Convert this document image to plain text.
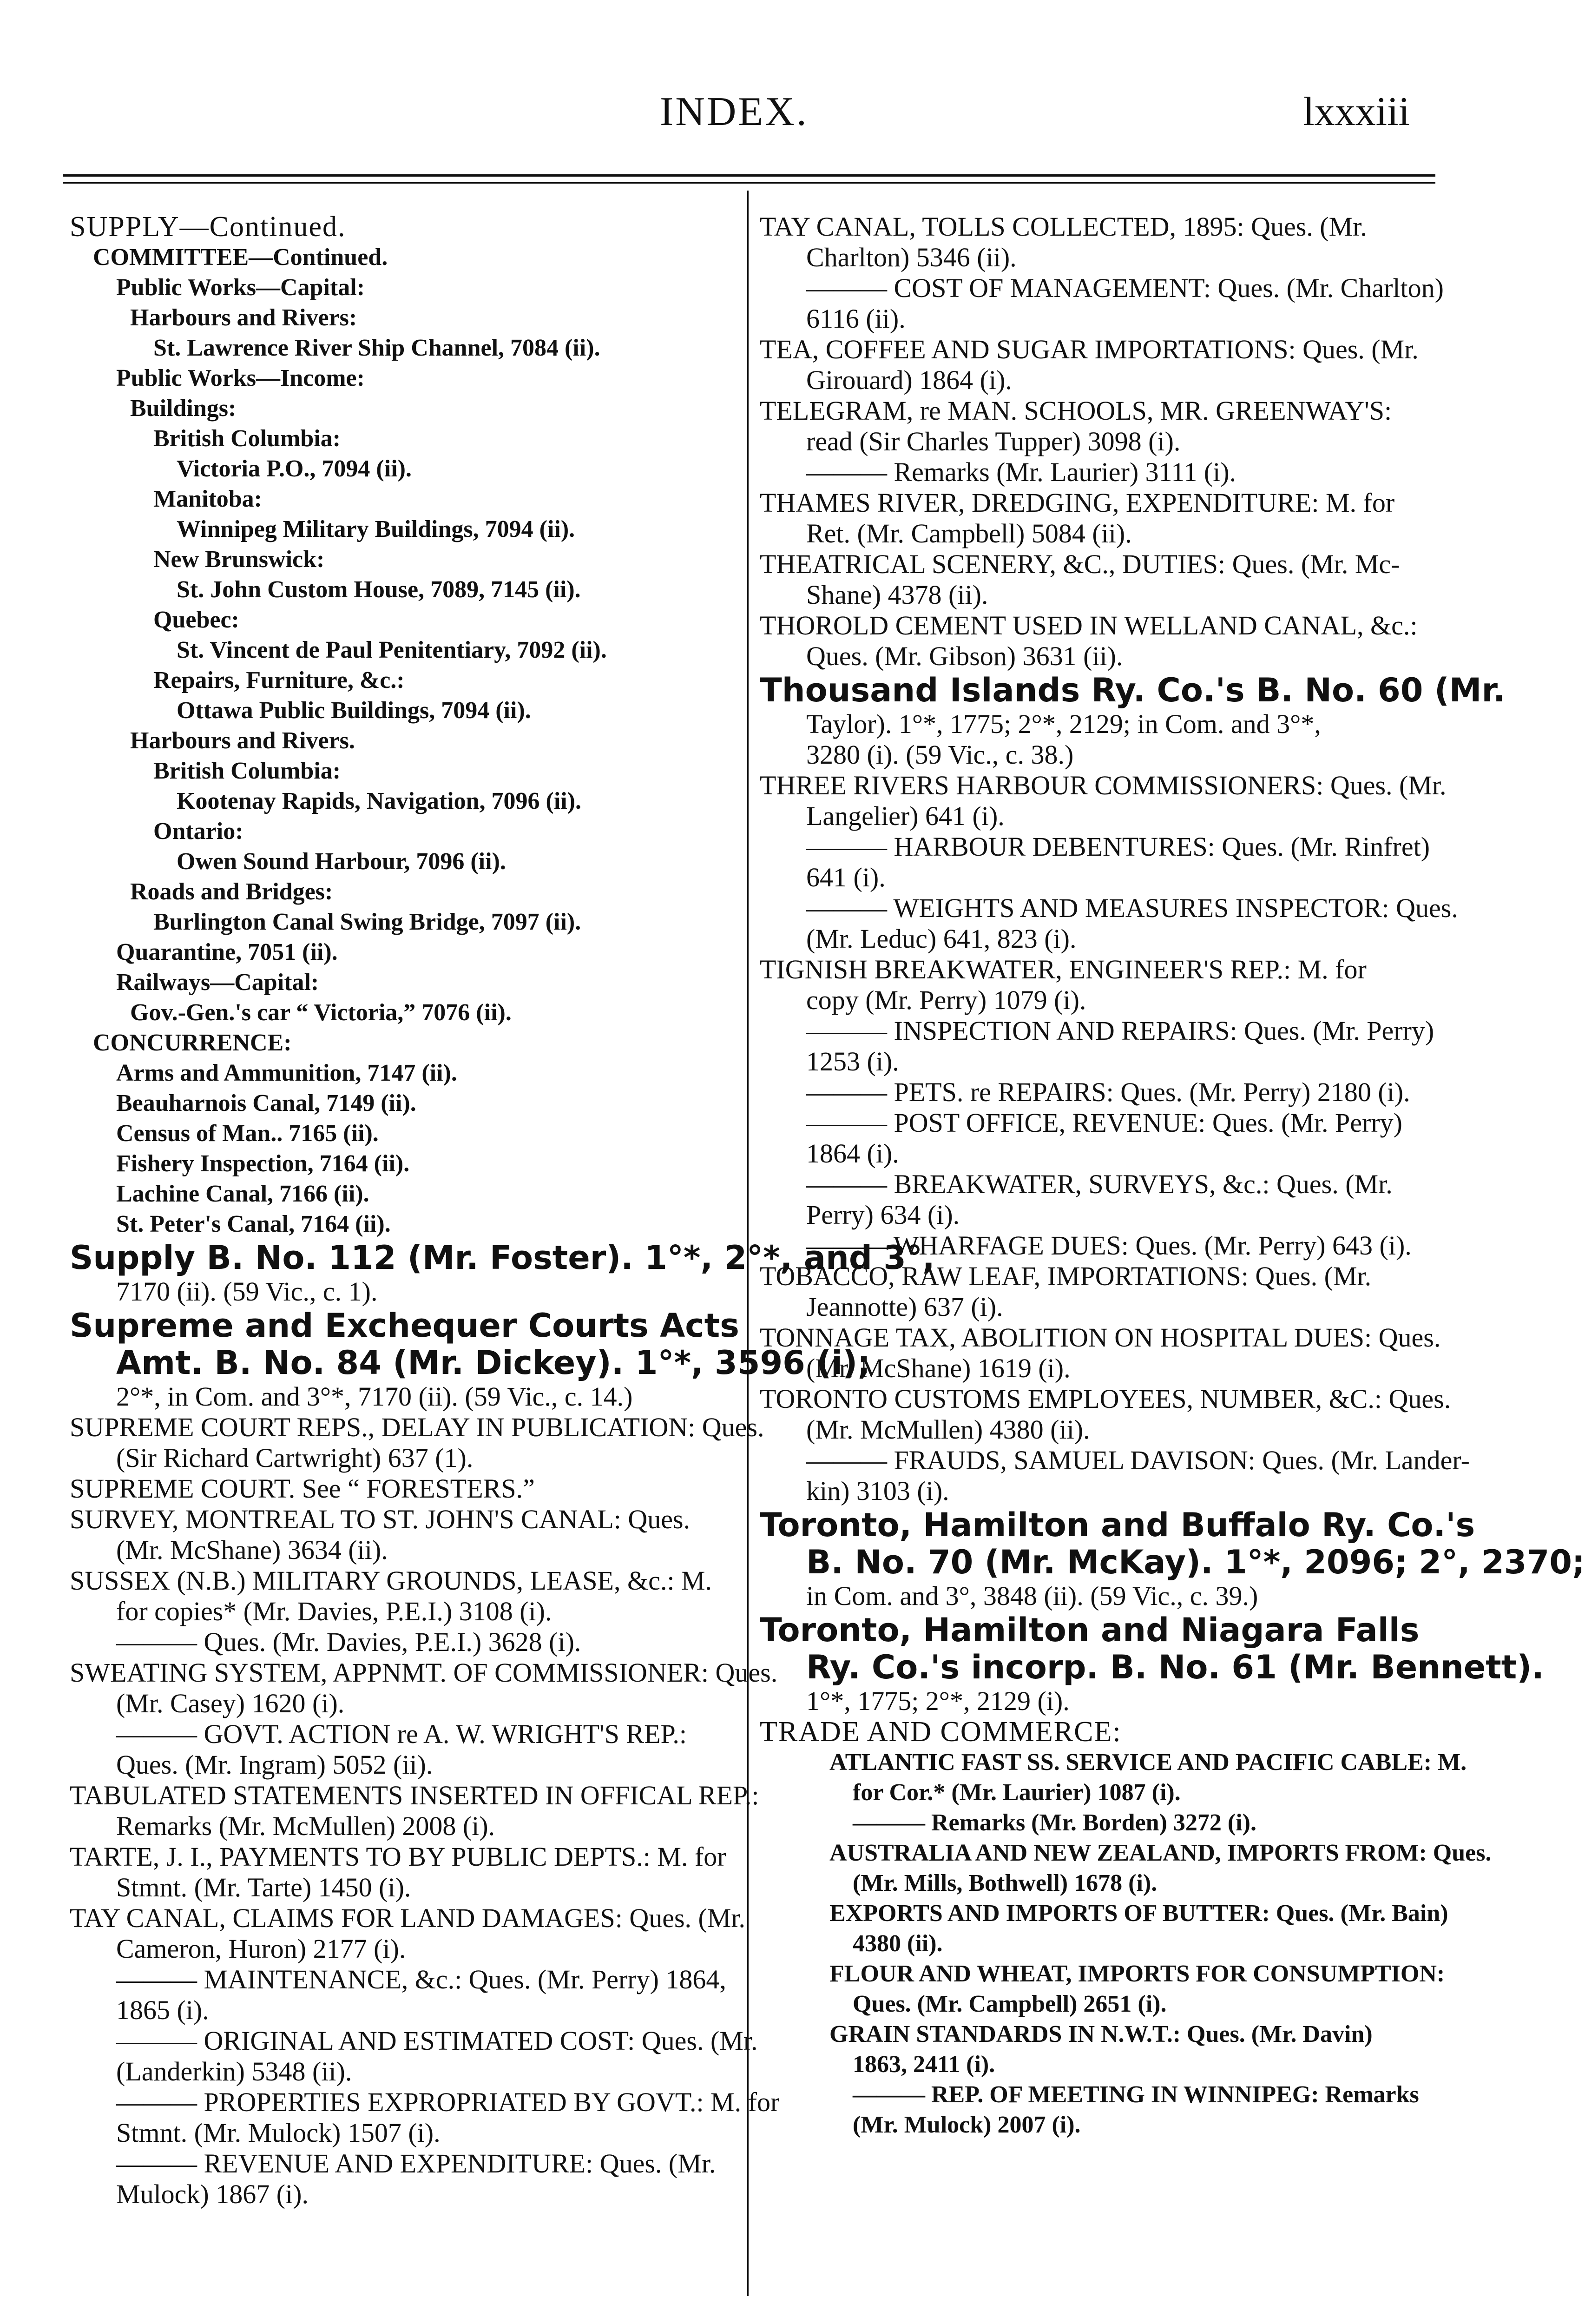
INDEX.	lxxxiii
SUPPLY—Continued.
COMMITTEE—Continued.
Public Works—Capital:
Harbours and Rivers:
St. Lawrence River Ship Channel, 7084 (ii).
Public Works—Income:
Buildings:
British Columbia:
Victoria P.O., 7094 (ii).
Manitoba:
Winnipeg Military Buildings, 7094 (ii).
New Brunswick:
St. John Custom House, 7089, 7145 (ii).
Quebec:
St. Vincent de Paul Penitentiary, 7092 (ii).
Repairs, Furniture, &c.:
Ottawa Public Buildings, 7094 (ii).
Harbours and Rivers.
British Columbia:
Kootenay Rapids, Navigation, 7096 (ii).
Ontario:
Owen Sound Harbour, 7096 (ii).
Roads and Bridges:
Burlington Canal Swing Bridge, 7097 (ii).
Quarantine, 7051 (ii).
Railways—Capital:
Gov.-Gen.'s car “ Victoria,” 7076 (ii).
CONCURRENCE:
Arms and Ammunition, 7147 (ii).
Beauharnois Canal, 7149 (ii).
Census of Man.. 7165 (ii).
Fishery Inspection, 7164 (ii).
Lachine Canal, 7166 (ii).
St. Peter's Canal, 7164 (ii).
Supply B. No. 112 (Mr. Foster). 1°*, 2°*, and 3°,
7170 (ii). (59 Vic., c. 1).
Supreme and Exchequer Courts Acts
Amt. B. No. 84 (Mr. Dickey). 1°*, 3596 (i);
2°*, in Com. and 3°*, 7170 (ii). (59 Vic., c. 14.)
SUPREME COURT REPS., DELAY IN PUBLICATION: Ques.
(Sir Richard Cartwright) 637 (1).
SUPREME COURT. See “ FORESTERS.”
SURVEY, MONTREAL TO ST. JOHN'S CANAL: Ques.
(Mr. McShane) 3634 (ii).
SUSSEX (N.B.) MILITARY GROUNDS, LEASE, &c.: M.
for copies* (Mr. Davies, P.E.I.) 3108 (i).
——— Ques. (Mr. Davies, P.E.I.) 3628 (i).
SWEATING SYSTEM, APPNMT. OF COMMISSIONER: Ques.
(Mr. Casey) 1620 (i).
——— GOVT. ACTION re A. W. WRIGHT'S REP.:
Ques. (Mr. Ingram) 5052 (ii).
TABULATED STATEMENTS INSERTED IN OFFICAL REP.:
Remarks (Mr. McMullen) 2008 (i).
TARTE, J. I., PAYMENTS TO BY PUBLIC DEPTS.: M. for
Stmnt. (Mr. Tarte) 1450 (i).
TAY CANAL, CLAIMS FOR LAND DAMAGES: Ques. (Mr.
Cameron, Huron) 2177 (i).
——— MAINTENANCE, &c.: Ques. (Mr. Perry) 1864,
1865 (i).
——— ORIGINAL AND ESTIMATED COST: Ques. (Mr.
(Landerkin) 5348 (ii).
——— PROPERTIES EXPROPRIATED BY GOVT.: M. for
Stmnt. (Mr. Mulock) 1507 (i).
——— REVENUE AND EXPENDITURE: Ques. (Mr.
Mulock) 1867 (i).
TAY CANAL, TOLLS COLLECTED, 1895: Ques. (Mr.
Charlton) 5346 (ii).
——— COST OF MANAGEMENT: Ques. (Mr. Charlton)
6116 (ii).
TEA, COFFEE AND SUGAR IMPORTATIONS: Ques. (Mr.
Girouard) 1864 (i).
TELEGRAM, re MAN. SCHOOLS, MR. GREENWAY'S:
read (Sir Charles Tupper) 3098 (i).
——— Remarks (Mr. Laurier) 3111 (i).
THAMES RIVER, DREDGING, EXPENDITURE: M. for
Ret. (Mr. Campbell) 5084 (ii).
THEATRICAL SCENERY, &C., DUTIES: Ques. (Mr. Mc-
Shane) 4378 (ii).
THOROLD CEMENT USED IN WELLAND CANAL, &c.:
Ques. (Mr. Gibson) 3631 (ii).
Thousand Islands Ry. Co.'s B. No. 60 (Mr.
Taylor). 1°*, 1775; 2°*, 2129; in Com. and 3°*,
3280 (i). (59 Vic., c. 38.)
THREE RIVERS HARBOUR COMMISSIONERS: Ques. (Mr.
Langelier) 641 (i).
——— HARBOUR DEBENTURES: Ques. (Mr. Rinfret)
641 (i).
——— WEIGHTS AND MEASURES INSPECTOR: Ques.
(Mr. Leduc) 641, 823 (i).
TIGNISH BREAKWATER, ENGINEER'S REP.: M. for
copy (Mr. Perry) 1079 (i).
——— INSPECTION AND REPAIRS: Ques. (Mr. Perry)
1253 (i).
——— PETS. re REPAIRS: Ques. (Mr. Perry) 2180 (i).
——— POST OFFICE, REVENUE: Ques. (Mr. Perry)
1864 (i).
——— BREAKWATER, SURVEYS, &c.: Ques. (Mr.
Perry) 634 (i).
——— WHARFAGE DUES: Ques. (Mr. Perry) 643 (i).
TOBACCO, RAW LEAF, IMPORTATIONS: Ques. (Mr.
Jeannotte) 637 (i).
TONNAGE TAX, ABOLITION ON HOSPITAL DUES: Ques.
(Mr. McShane) 1619 (i).
TORONTO CUSTOMS EMPLOYEES, NUMBER, &C.: Ques.
(Mr. McMullen) 4380 (ii).
——— FRAUDS, SAMUEL DAVISON: Ques. (Mr. Lander-
kin) 3103 (i).
Toronto, Hamilton and Buffalo Ry. Co.'s
B. No. 70 (Mr. McKay). 1°*, 2096; 2°, 2370;
in Com. and 3°, 3848 (ii). (59 Vic., c. 39.)
Toronto, Hamilton and Niagara Falls
Ry. Co.'s incorp. B. No. 61 (Mr. Bennett).
1°*, 1775; 2°*, 2129 (i).
TRADE AND COMMERCE:
ATLANTIC FAST SS. SERVICE AND PACIFIC CABLE: M.
for Cor.* (Mr. Laurier) 1087 (i).
——— Remarks (Mr. Borden) 3272 (i).
AUSTRALIA AND NEW ZEALAND, IMPORTS FROM: Ques.
(Mr. Mills, Bothwell) 1678 (i).
EXPORTS AND IMPORTS OF BUTTER: Ques. (Mr. Bain)
4380 (ii).
FLOUR AND WHEAT, IMPORTS FOR CONSUMPTION:
Ques. (Mr. Campbell) 2651 (i).
GRAIN STANDARDS IN N.W.T.: Ques. (Mr. Davin)
1863, 2411 (i).
——— REP. OF MEETING IN WINNIPEG: Remarks
(Mr. Mulock) 2007 (i).
